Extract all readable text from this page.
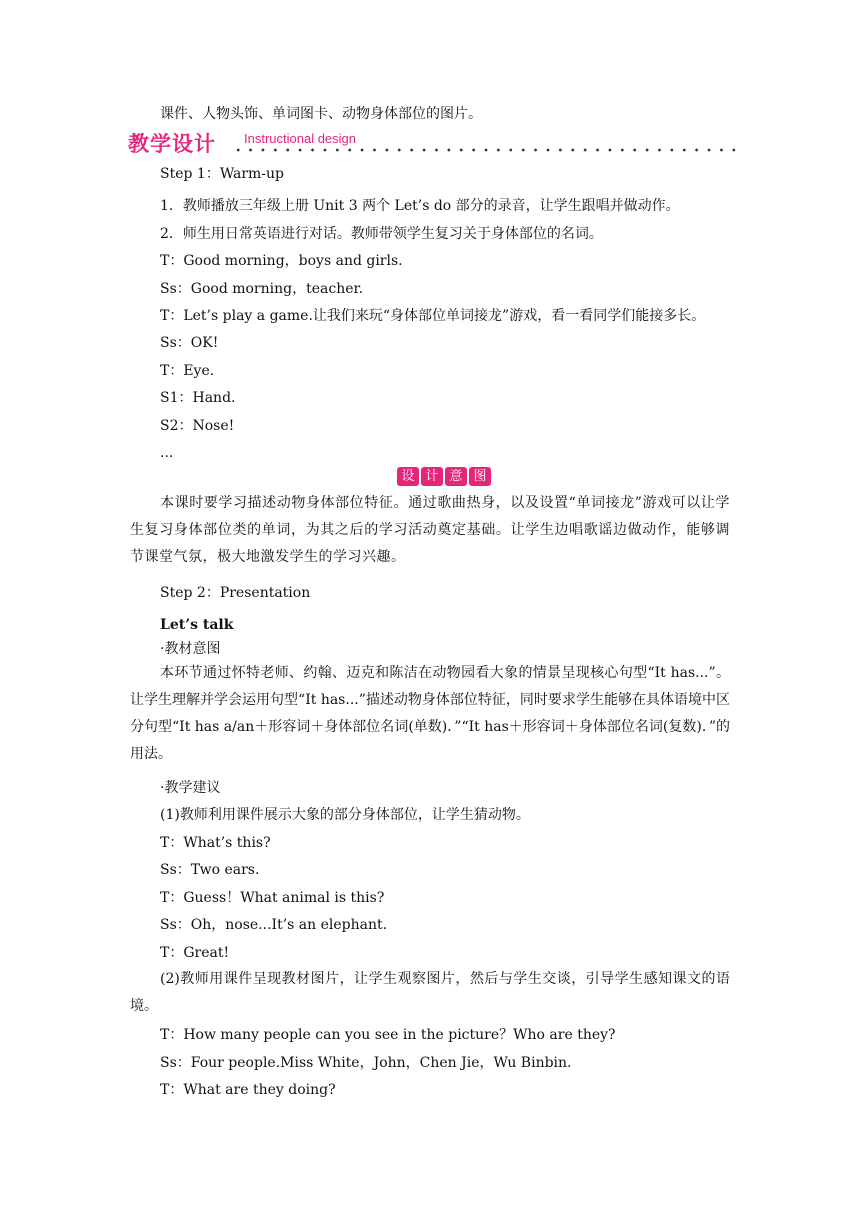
课件、人物头饰、单词图卡、动物身体部位的图片。
教学设计 Instructional design
Step 1：Warm-up
1．教师播放三年级上册 Unit 3 两个 Let’s do 部分的录音，让学生跟唱并做动作。
2．师生用日常英语进行对话。教师带领学生复习关于身体部位的名词。
T：Good morning，boys and girls.
Ss：Good morning，teacher.
T：Let’s play a game.让我们来玩“身体部位单词接龙”游戏，看一看同学们能接多长。
Ss：OK!
T：Eye.
S1：Hand.
S2：Nose!
...
设 计 意 图
本课时要学习描述动物身体部位特征。通过歌曲热身，以及设置“单词接龙”游戏可以让学生复习身体部位类的单词，为其之后的学习活动奠定基础。让学生边唱歌谣边做动作，能够调节课堂气氛，极大地激发学生的学习兴趣。
Step 2：Presentation
Let’s talk
·教材意图
本环节通过怀特老师、约翰、迈克和陈洁在动物园看大象的情景呈现核心句型“It has...”。让学生理解并学会运用句型“It has...”描述动物身体部位特征，同时要求学生能够在具体语境中区分句型“It has a/an＋形容词＋身体部位名词(单数)．”“It has＋形容词＋身体部位名词(复数)．”的用法。
·教学建议
(1)教师利用课件展示大象的部分身体部位，让学生猜动物。
T：What’s this?
Ss：Two ears.
T：Guess！What animal is this?
Ss：Oh，nose...It’s an elephant.
T：Great!
(2)教师用课件呈现教材图片，让学生观察图片，然后与学生交谈，引导学生感知课文的语境。
T：How many people can you see in the picture？Who are they?
Ss：Four people.Miss White，John，Chen Jie，Wu Binbin.
T：What are they doing?
